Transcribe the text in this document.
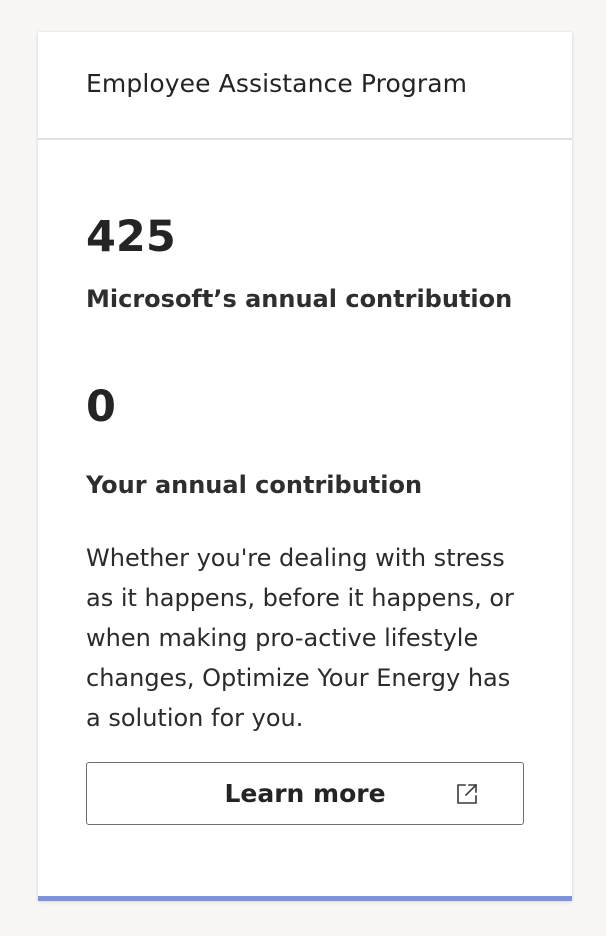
Employee Assistance Program
425
Microsoft’s annual contribution
0
Your annual contribution
Whether you're dealing with stress as it happens, before it happens, or when making pro-active lifestyle changes, Optimize Your Energy has a solution for you.
Learn more
